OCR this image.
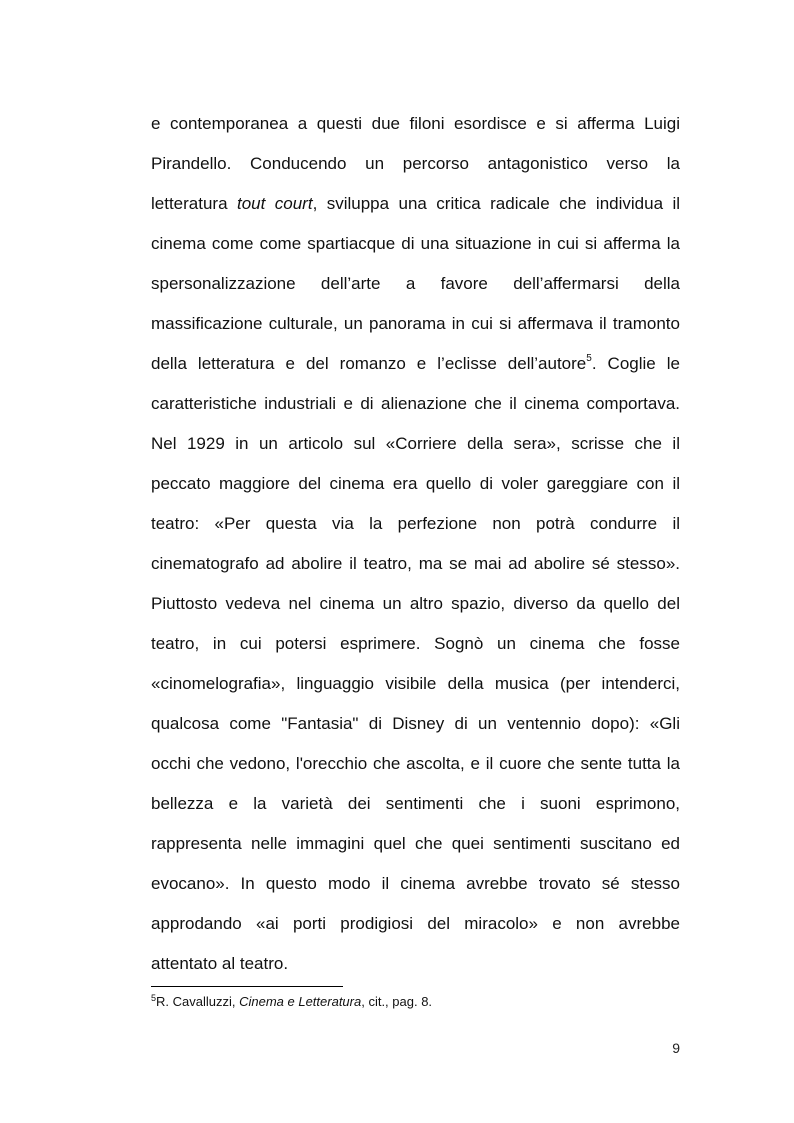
e contemporanea a questi due filoni esordisce e si afferma Luigi
Pirandello. Conducendo un percorso antagonistico verso la
letteratura tout court, sviluppa una critica radicale che individua il
cinema come come spartiacque di una situazione in cui si afferma la
spersonalizzazione dell’arte a favore dell’affermarsi della
massificazione culturale, un panorama in cui si affermava il tramonto
della letteratura e del romanzo e l’eclisse dell’autore$^5$. Coglie le
caratteristiche industriali e di alienazione che il cinema comportava.
Nel 1929 in un articolo sul «Corriere della sera», scrisse che il
peccato maggiore del cinema era quello di voler gareggiare con il
teatro: «Per questa via la perfezione non potrà condurre il
cinematografo ad abolire il teatro, ma se mai ad abolire sé stesso».
Piuttosto vedeva nel cinema un altro spazio, diverso da quello del
teatro, in cui potersi esprimere. Sognò un cinema che fosse
«cinomelografia», linguaggio visibile della musica (per intenderci,
qualcosa come "Fantasia" di Disney di un ventennio dopo): «Gli
occhi che vedono, l'orecchio che ascolta, e il cuore che sente tutta la
bellezza e la varietà dei sentimenti che i suoni esprimono,
rappresenta nelle immagini quel che quei sentimenti suscitano ed
evocano». In questo modo il cinema avrebbe trovato sé stesso
approdando «ai porti prodigiosi del miracolo» e non avrebbe
attentato al teatro.
$^5$R. Cavalluzzi, Cinema e Letteratura, cit., pag. 8.
9
